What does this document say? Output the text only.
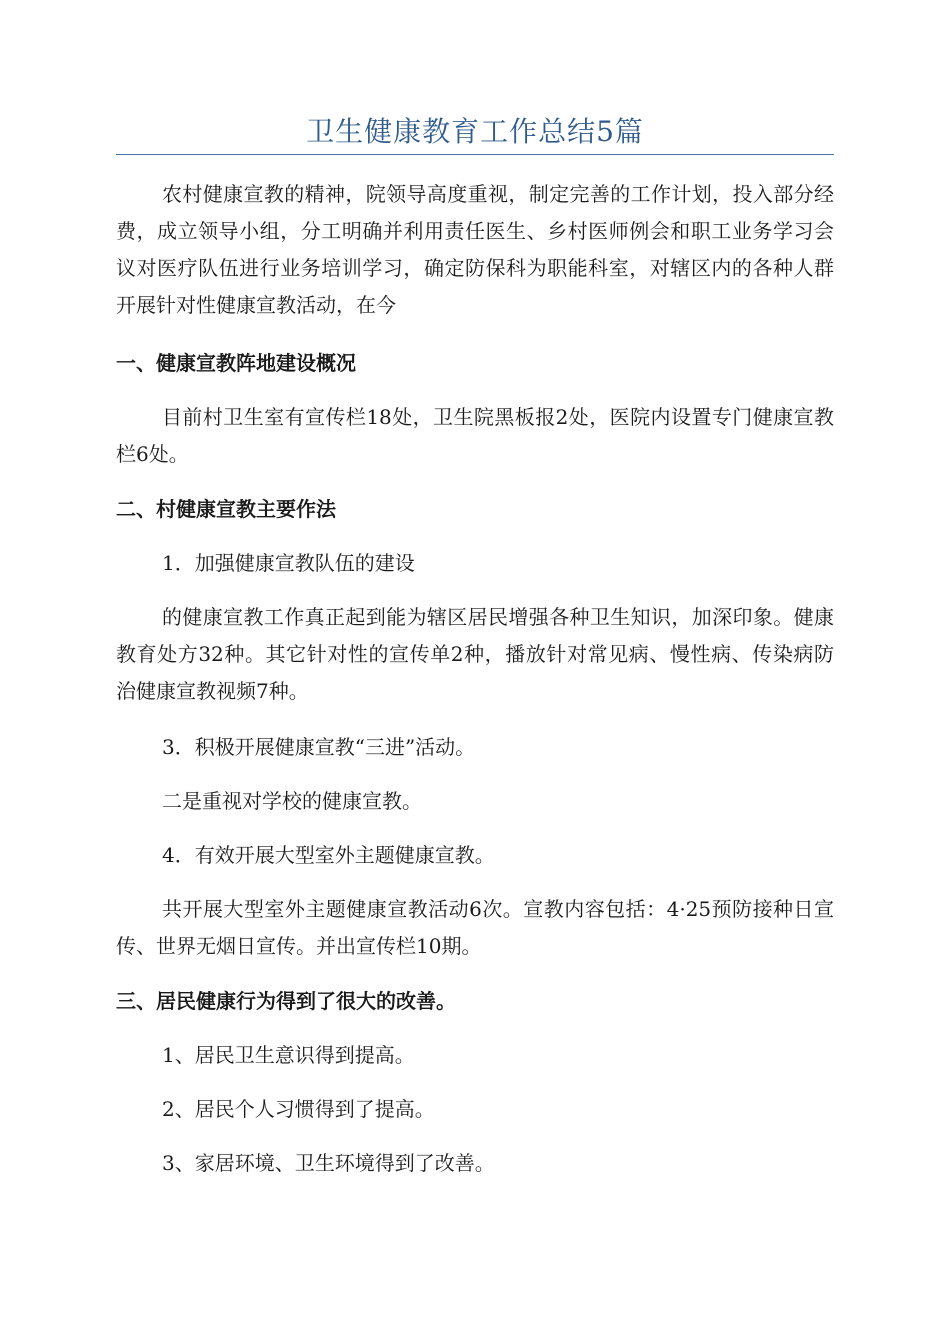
卫生健康教育工作总结5篇

农村健康宣教的精神，院领导高度重视，制定完善的工作计划，投入部分经费，成立领导小组，分工明确并利用责任医生、乡村医师例会和职工业务学习会议对医疗队伍进行业务培训学习，确定防保科为职能科室，对辖区内的各种人群开展针对性健康宣教活动，在今

一、健康宣教阵地建设概况

目前村卫生室有宣传栏18处，卫生院黑板报2处，医院内设置专门健康宣教栏6处。

二、村健康宣教主要作法

1．加强健康宣教队伍的建设

的健康宣教工作真正起到能为辖区居民增强各种卫生知识，加深印象。健康教育处方32种。其它针对性的宣传单2种，播放针对常见病、慢性病、传染病防治健康宣教视频7种。

3．积极开展健康宣教“三进”活动。

二是重视对学校的健康宣教。

4．有效开展大型室外主题健康宣教。

共开展大型室外主题健康宣教活动6次。宣教内容包括：4·25预防接种日宣传、世界无烟日宣传。并出宣传栏10期。

三、居民健康行为得到了很大的改善。

1、居民卫生意识得到提高。

2、居民个人习惯得到了提高。

3、家居环境、卫生环境得到了改善。
